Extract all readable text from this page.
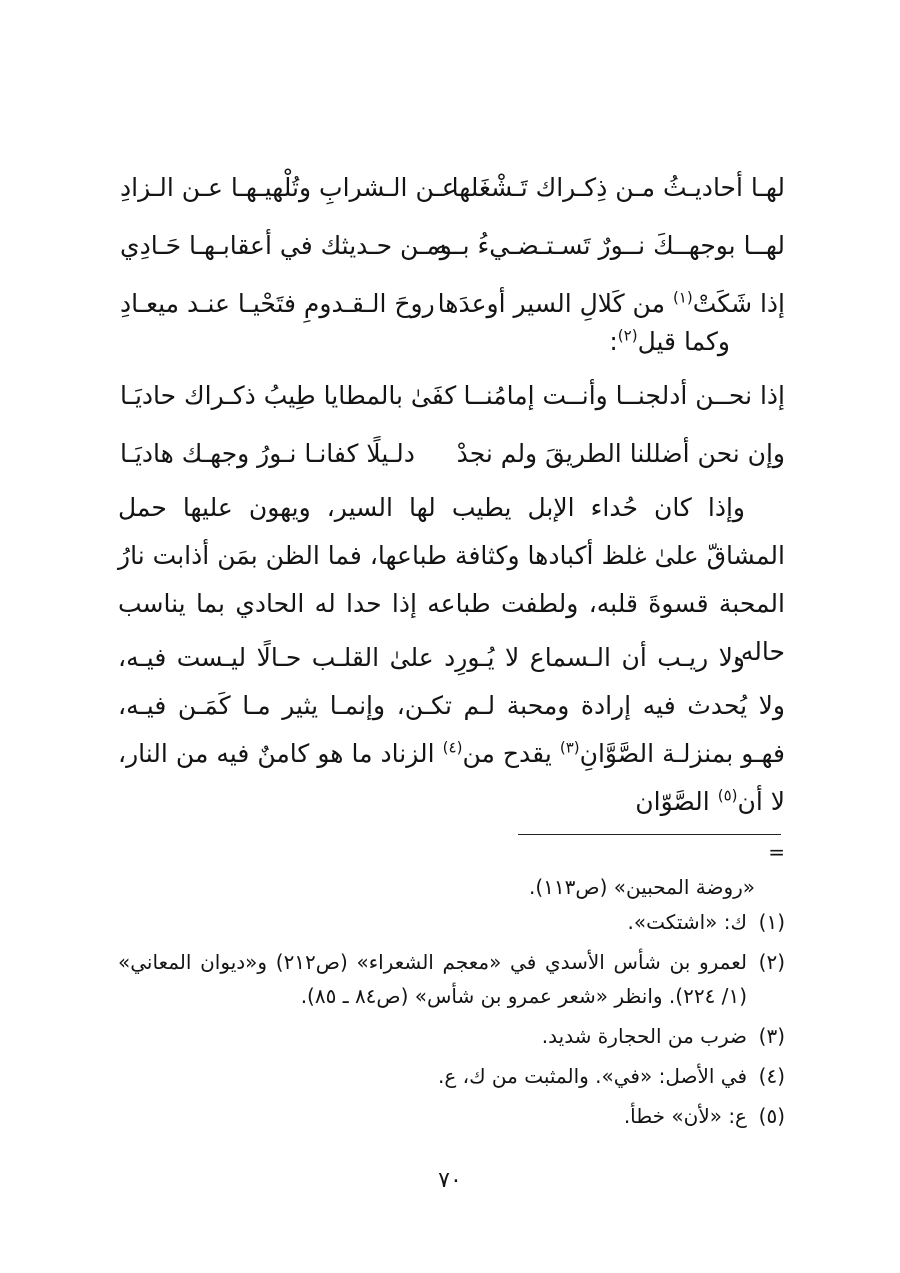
لهـا أحاديـثُ مـن ذِكـراك تَـشْغَلها
عـن الـشرابِ وتُلْهيـهـا عـن الـزادِ
لهــا بوجهــكَ نــورٌ تَسـتـضـيءُ بــه
ومـن حـديثك في أعقابـهـا حَـادِي
إذا شَكَتْ$^{(١)}$ من كَلالِ السير أوعدَها
روحَ الـقـدومِ فتَحْيـا عنـد ميعـادِ
وكما قيل$^{(٢)}$:
إذا نحــن أدلجنــا وأنــت إمامُنــا
كفَىٰ بالمطايا طِيبُ ذكـراك حاديَـا
وإن نحن أضللنا الطريقَ ولم نجدْ
دلـيلًا كفانـا نـورُ وجهـك هاديَـا

وإذا كان حُداء الإبل يطيب لها السير، ويهون عليها حمل المشاقّ علىٰ غلظ أكبادها وكثافة طباعها، فما الظن بمَن أذابت نارُ المحبة قسوةَ قلبه، ولطفت طباعه إذا حدا له الحادي بما يناسب حاله.

ولا ريـب أن الـسماع لا يُـورِد علىٰ القلـب حـالًا ليـست فيـه، ولا يُحدث فيه إرادة ومحبة لـم تكـن، وإنمـا يثير مـا كَمَـن فيـه، فهـو بمنزلـة الصَّوَّانِ$^{(٣)}$ يقدح من$^{(٤)}$ الزناد ما هو كامنٌ فيه من النار، لا أن$^{(٥)}$ الصَّوّان

=
«روضة المحبين» (ص١١٣).
(١)
ك: «اشتكت».
(٢)
لعمرو بن شأس الأسدي في «معجم الشعراء» (ص٢١٢) و«ديوان المعاني» (١/ ٢٢٤). وانظر «شعر عمرو بن شأس» (ص٨٤ ـ ٨٥).
(٣)
ضرب من الحجارة شديد.
(٤)
في الأصل: «في». والمثبت من ك، ع.
(٥)
ع: «لأن» خطأ.
٧٠
